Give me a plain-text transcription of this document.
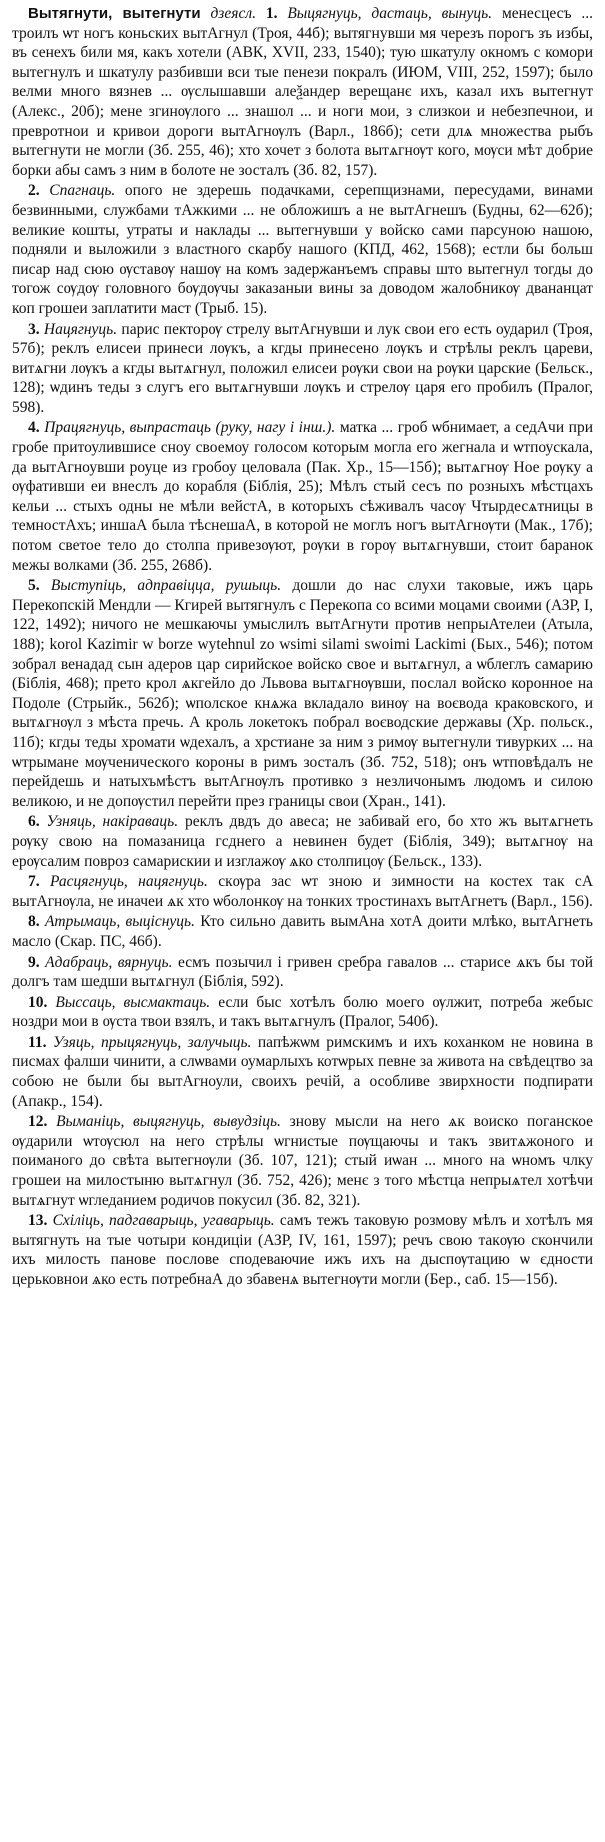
Вытягнути, вытегнути дзеясл. 1. Выцягнуць, дастаць, вынуць. менесцесъ ... троилъ ѡт ногъ коньских вытАгнул (Троя, 44б); вытягнувши мя черезъ порогъ зъ избы, въ сенехъ били мя, какъ хотели (АВК, XVII, 233, 1540); тую шкатулу окномъ с комори вытегнулъ и шкатулу разбивши вси тые пенези покралъ (ИЮМ, VIII, 252, 1597); было велми много вязнев ... ѹслышавши алеѯандер верещанє ихъ, казал ихъ вытегнут (Алекс., 20б); мене згинѹлого ... знашол ... и ноги мои, з слизкои и небезпечнои, и превротнои и кривои дороги вытАгнѹлъ (Варл., 186б); сети длѧ множества рыбъ вытегнути не могли (Зб. 255, 46); хто хочет з болота вытѧгнѹт кого, мѹси мѣт добрие борки абы самъ з ним в болоте не зосталъ (Зб. 82, 157).

2. Спагнаць. опого не здерешь подачками, серепщизнами, пересудами, винами безвинными, службами тАжкими ... не обложишъ а не вытАгнешъ (Будны, 62—62б); великие кошты, утраты и наклады ... вытегнувши у войско сами парсуною нашою, подняли и выложили з властного скарбу нашого (КПД, 462, 1568); естли бы больш писар над сюю ѹставѹ нашѹ на комъ задержанъемъ справы што вытегнул тогды до тогож сѹдѹ головного бѹдѹчы заказаныи вины за доводом жалобникѹ двананцат коп грошеи заплатити маст (Трыб. 15).

3. Нацягнуць. парис пекторѹ стрелу вытАгнувши и лук свои его есть оударил (Троя, 57б); реклъ елисеи принеси лѹкъ, а кгды принесено лѹкъ и стрѣлы реклъ цареви, витѧгни лѹкъ а кгды вытѧгнул, положил елисеи рѹки свои на рѹки царские (Бельск., 128); ѡдинъ теды з слугъ его вытѧгнувши лѹкъ и стрелѹ царя его пробилъ (Пралог, 598).

4. Працягнуць, выпрастаць (руку, нагу і інш.). матка ... гроб ѡбнимает, а седАчи при гробе притоулившисе сноу своемоу голосом которым могла его жегнала и ѡтпоускала, да вытАгноувши роуце из гробоу целовала (Пак. Хр., 15—15б); вытѧгнѹ Ное рѹку а ѹфативши еи внеслъ до корабля (Біблія, 25); Мѣлъ стый сесъ по розныхъ мѣстцахъ кельи ... стыхъ одны не мѣли вейстА, в которыхъ сѣживалъ часѹ Чтырдесѧтницы в темностАхъ; иншаА была тѣснешаА, в которой не моглъ ногъ вытАгнѹти (Мак., 17б); потом светое тело до столпа привезѹют, рѹки в горѹ вытѧгнувши, стоит баранок межы волками (Зб. 255, 268б).

5. Выступіць, адправіцца, рушыць. дошли до нас слухи таковые, ижъ царь Перекопскій Мендли — Кгирей вытягнулъ с Перекопа со всими моцами своими (АЗР, I, 122, 1492); ничого не мешкаючы умыслилъ вытАгнути против непрыАтелеи (Атыла, 188); korol Kazimir w borze wytehnul zo wsimi silami swoimi Lackimi (Бых., 546); потом зобрал венадад сын адеров цар сирийское войско свое и вытѧгнул, а ѡблеглъ самарию (Біблія, 468); прето крол ѧкгейло до Львова вытѧгнѹвши, послал войско коронное на Подоле (Стрыйк., 562б); ѡполское кнѧжа вкладало винѹ на воєвода краковского, и вытѧгнѹл з мѣста пречь. А кроль локетокъ побрал воєводские державы (Хр. польск., 11б); кгды теды хромати ѡдехалъ, а хрстиане за ним з римѹ вытегнули тивурких ... на ѡтрымане мѹченического короны в римъ зосталъ (Зб. 752, 518); онъ ѡтповѣдалъ не перейдешь и натыхъмѣстъ вытАгнѹлъ противко з незличонымъ людомъ и силою великою, и не допѹстил перейти през границы свои (Хран., 141).

6. Узняць, накіраваць. реклъ двдъ до авеса; не забивай его, бо хто жъ вытѧгнеть рѹку свою на помазаница гсднего а невинен будет (Біблія, 349); вытѧгнѹ на ерѹсалим повроз самарискии и изглажѹ ѧко столпицѹ (Бельск., 133).

7. Расцягнуць, нацягнуць. скѹра зас ѡт зною и зимности на костех так сА вытАгнѹла, не иначеи ѧк хто ѡболонкѹ на тонких тростинахъ вытАгнетъ (Варл., 156).

8. Атрымаць, выціснуць. Кто сильно давить вымАна хотА доити млѣко, вытАгнеть масло (Скар. ПС, 46б).

9. Адабраць, вярнуць. есмъ позычил і гривен сребра гавалов ... старисе ѧкъ бы той долгъ там шедши вытѧгнул (Біблія, 592).

10. Высcаць, высмактаць. если быс хотѣлъ болю моего ѹлжит, потреба жебыс ноздри мои в ѹста твои взялъ, и такъ вытѧгнулъ (Пралог, 540б).

11. Узяць, прыцягнуць, залучыць. папѣжѡм римскимъ и ихъ коханком не новина в писмах фалши чинити, а слѡвами оумарлыхъ котѡрых певне за живота на свѣдецтво за собою не были бы вытАгноули, своихъ речій, а особливе звирхности подпирати (Апакр., 154).

12. Выманіць, выцягнуць, вывудзіць. знову мысли на него ѧк воиско поганское ѹдарили ѡтѹсюл на него стрѣлы ѡгнистые пѹщаючы и такъ звитѧжоного и поиманого до свѣта вытегнѹли (Зб. 107, 121); стый иѡан ... много на ѡномъ члку грошеи на милостыню вытѧгнул (Зб. 752, 426); менє з того мѣстца непрыѧтел хотѣчи вытѧгнут ѡгледанием родичов покусил (Зб. 82, 321).

13. Схіліць, падгаварыць, угаварыць. самъ тежъ таковую розмову мѣлъ и хотѣлъ мя вытягнуть на тые чотыри кондиціи (АЗР, IV, 161, 1597); речъ свою такѹю скончили ихъ милость панове послове сподеваючие ижъ ихъ на дыспѹтацию ѡ єдности церьковнои ѧко есть потребнаА до збавенѧ вытегнѹти могли (Бер., саб. 15—15б).
